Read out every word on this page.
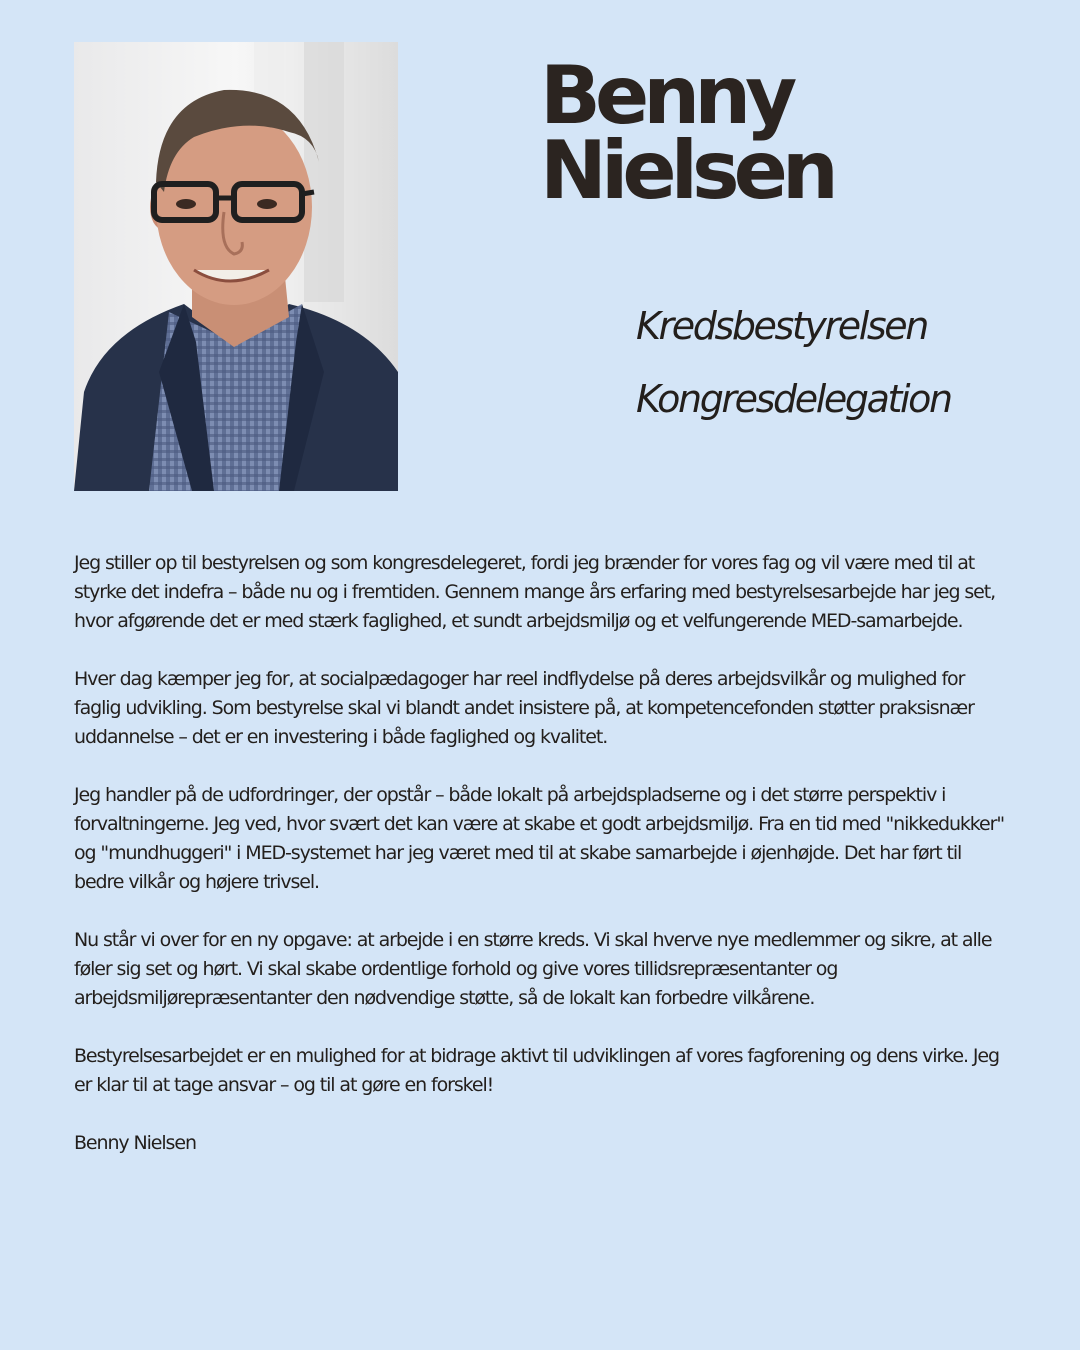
Benny
Nielsen
Kredsbestyrelsen
Kongresdelegation

Jeg stiller op til bestyrelsen og som kongresdelegeret, fordi jeg brænder for vores fag og vil være med til at styrke det indefra – både nu og i fremtiden. Gennem mange års erfaring med bestyrelsesarbejde har jeg set, hvor afgørende det er med stærk faglighed, et sundt arbejdsmiljø og et velfungerende MED-samarbejde.

Hver dag kæmper jeg for, at socialpædagoger har reel indflydelse på deres arbejdsvilkår og mulighed for faglig udvikling. Som bestyrelse skal vi blandt andet insistere på, at kompetencefonden støtter praksisnær uddannelse – det er en investering i både faglighed og kvalitet.

Jeg handler på de udfordringer, der opstår – både lokalt på arbejdspladserne og i det større perspektiv i forvaltningerne. Jeg ved, hvor svært det kan være at skabe et godt arbejdsmiljø. Fra en tid med "nikkedukker" og "mundhuggeri" i MED-systemet har jeg været med til at skabe samarbejde i øjenhøjde. Det har ført til bedre vilkår og højere trivsel.

Nu står vi over for en ny opgave: at arbejde i en større kreds. Vi skal hverve nye medlemmer og sikre, at alle føler sig set og hørt. Vi skal skabe ordentlige forhold og give vores tillidsrepræsentanter og arbejdsmiljørepræsentanter den nødvendige støtte, så de lokalt kan forbedre vilkårene.

Bestyrelsesarbejdet er en mulighed for at bidrage aktivt til udviklingen af vores fagforening og dens virke. Jeg er klar til at tage ansvar – og til at gøre en forskel!

Benny Nielsen
